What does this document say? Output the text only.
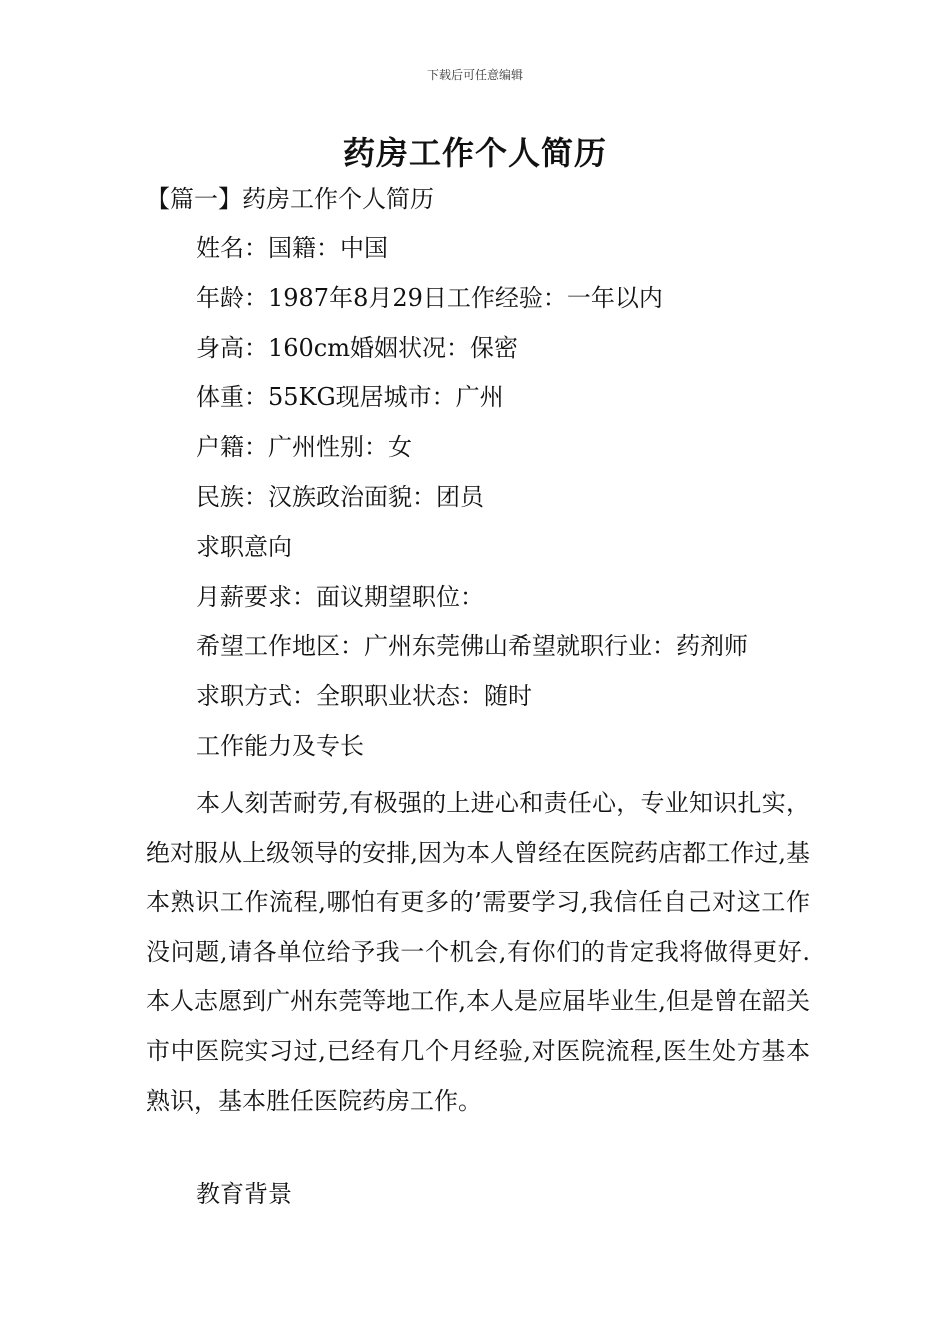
下载后可任意编辑
药房工作个人简历
【篇一】药房工作个人简历
姓名：国籍：中国
年龄：1987年8月29日工作经验：一年以内
身高：160cm婚姻状况：保密
体重：55KG现居城市：广州
户籍：广州性别：女
民族：汉族政治面貌：团员
求职意向
月薪要求：面议期望职位：
希望工作地区：广州东莞佛山希望就职行业：药剂师
求职方式：全职职业状态：随时
工作能力及专长

本人刻苦耐劳,有极强的上进心和责任心，专业知识扎实，绝对服从上级领导的安排,因为本人曾经在医院药店都工作过,基本熟识工作流程,哪怕有更多的’需要学习,我信任自己对这工作没问题,请各单位给予我一个机会,有你们的肯定我将做得更好.本人志愿到广州东莞等地工作,本人是应届毕业生,但是曾在韶关市中医院实习过,已经有几个月经验,对医院流程,医生处方基本熟识，基本胜任医院药房工作。

教育背景
